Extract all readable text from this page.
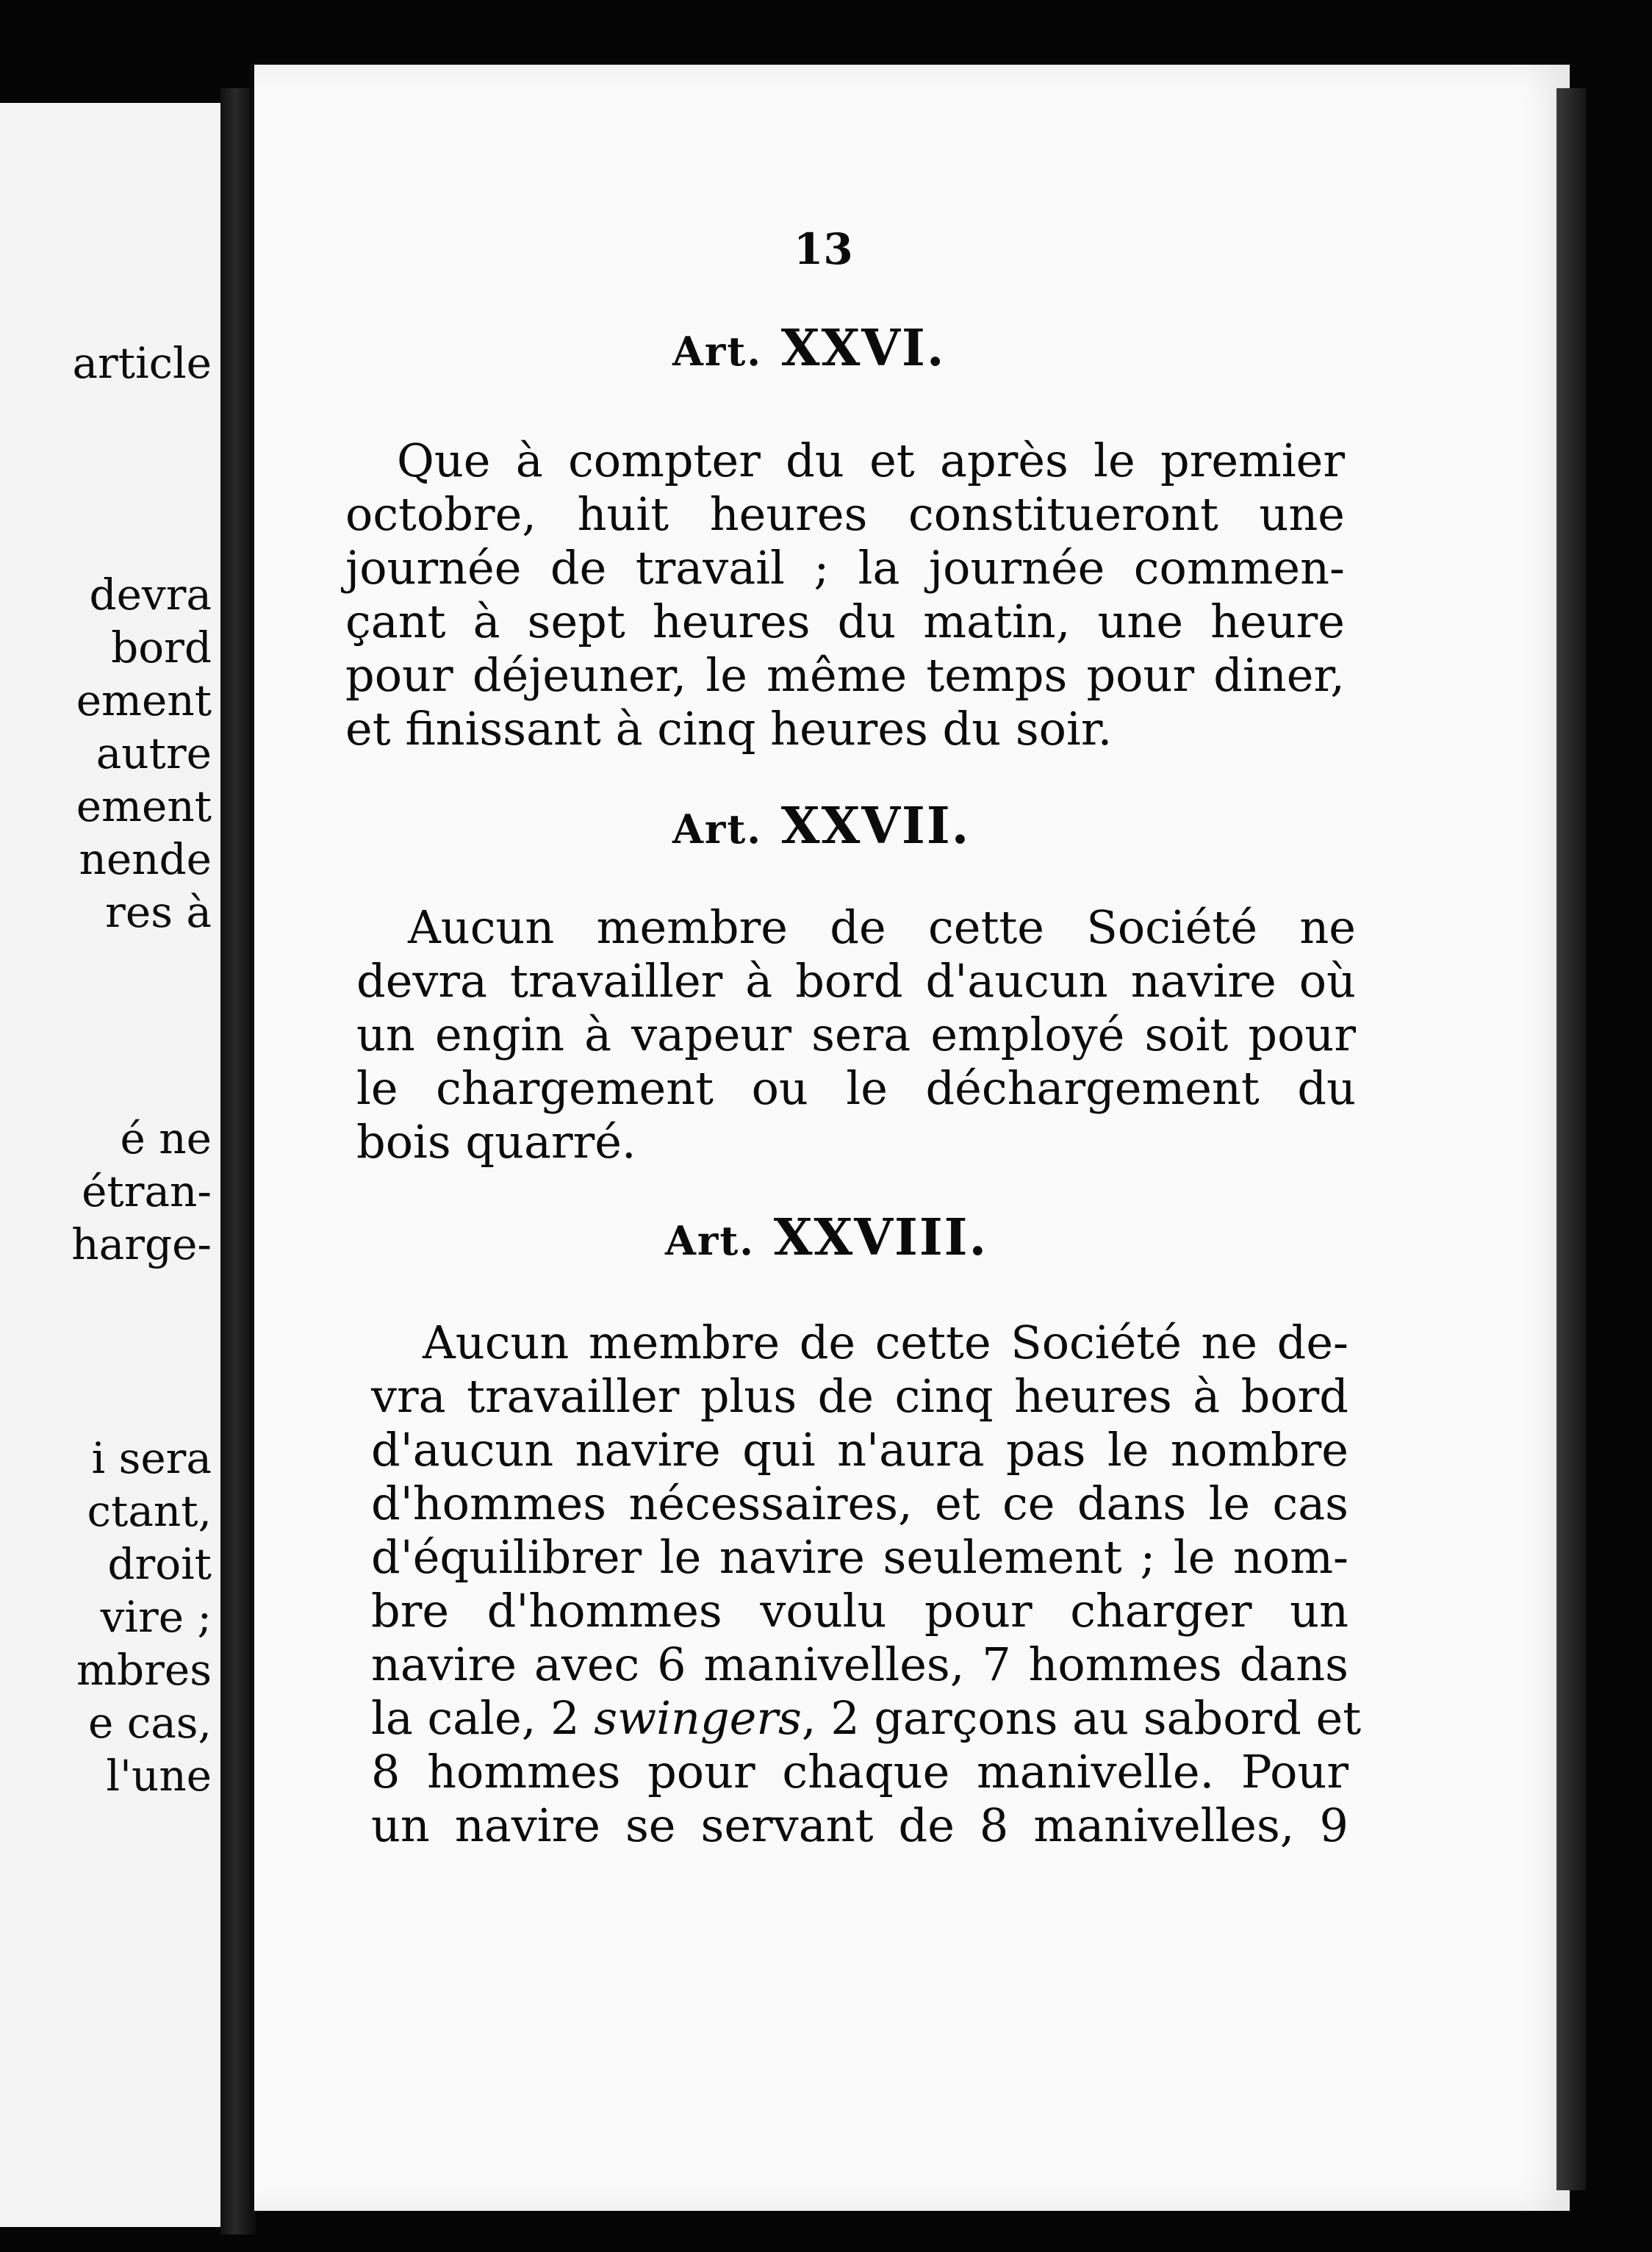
article
devra
bord
ement
autre
ement
nende
res à
é ne
étran-
harge-
i sera
ctant,
droit
vire ;
mbres
e cas,
l'une
13
Art. XXVI.
Que à compter du et après le premier
octobre, huit heures constitueront une
journée de travail ; la journée commen-
çant à sept heures du matin, une heure
pour déjeuner, le même temps pour diner,
et finissant à cinq heures du soir.
Art. XXVII.
Aucun membre de cette Société ne
devra travailler à bord d'aucun navire où
un engin à vapeur sera employé soit pour
le chargement ou le déchargement du
bois quarré.
Art. XXVIII.
Aucun membre de cette Société ne de-
vra travailler plus de cinq heures à bord
d'aucun navire qui n'aura pas le nombre
d'hommes nécessaires, et ce dans le cas
d'équilibrer le navire seulement ; le nom-
bre d'hommes voulu pour charger un
navire avec 6 manivelles, 7 hommes dans
la cale, 2 swingers, 2 garçons au sabord et
8 hommes pour chaque manivelle. Pour
un navire se servant de 8 manivelles, 9
